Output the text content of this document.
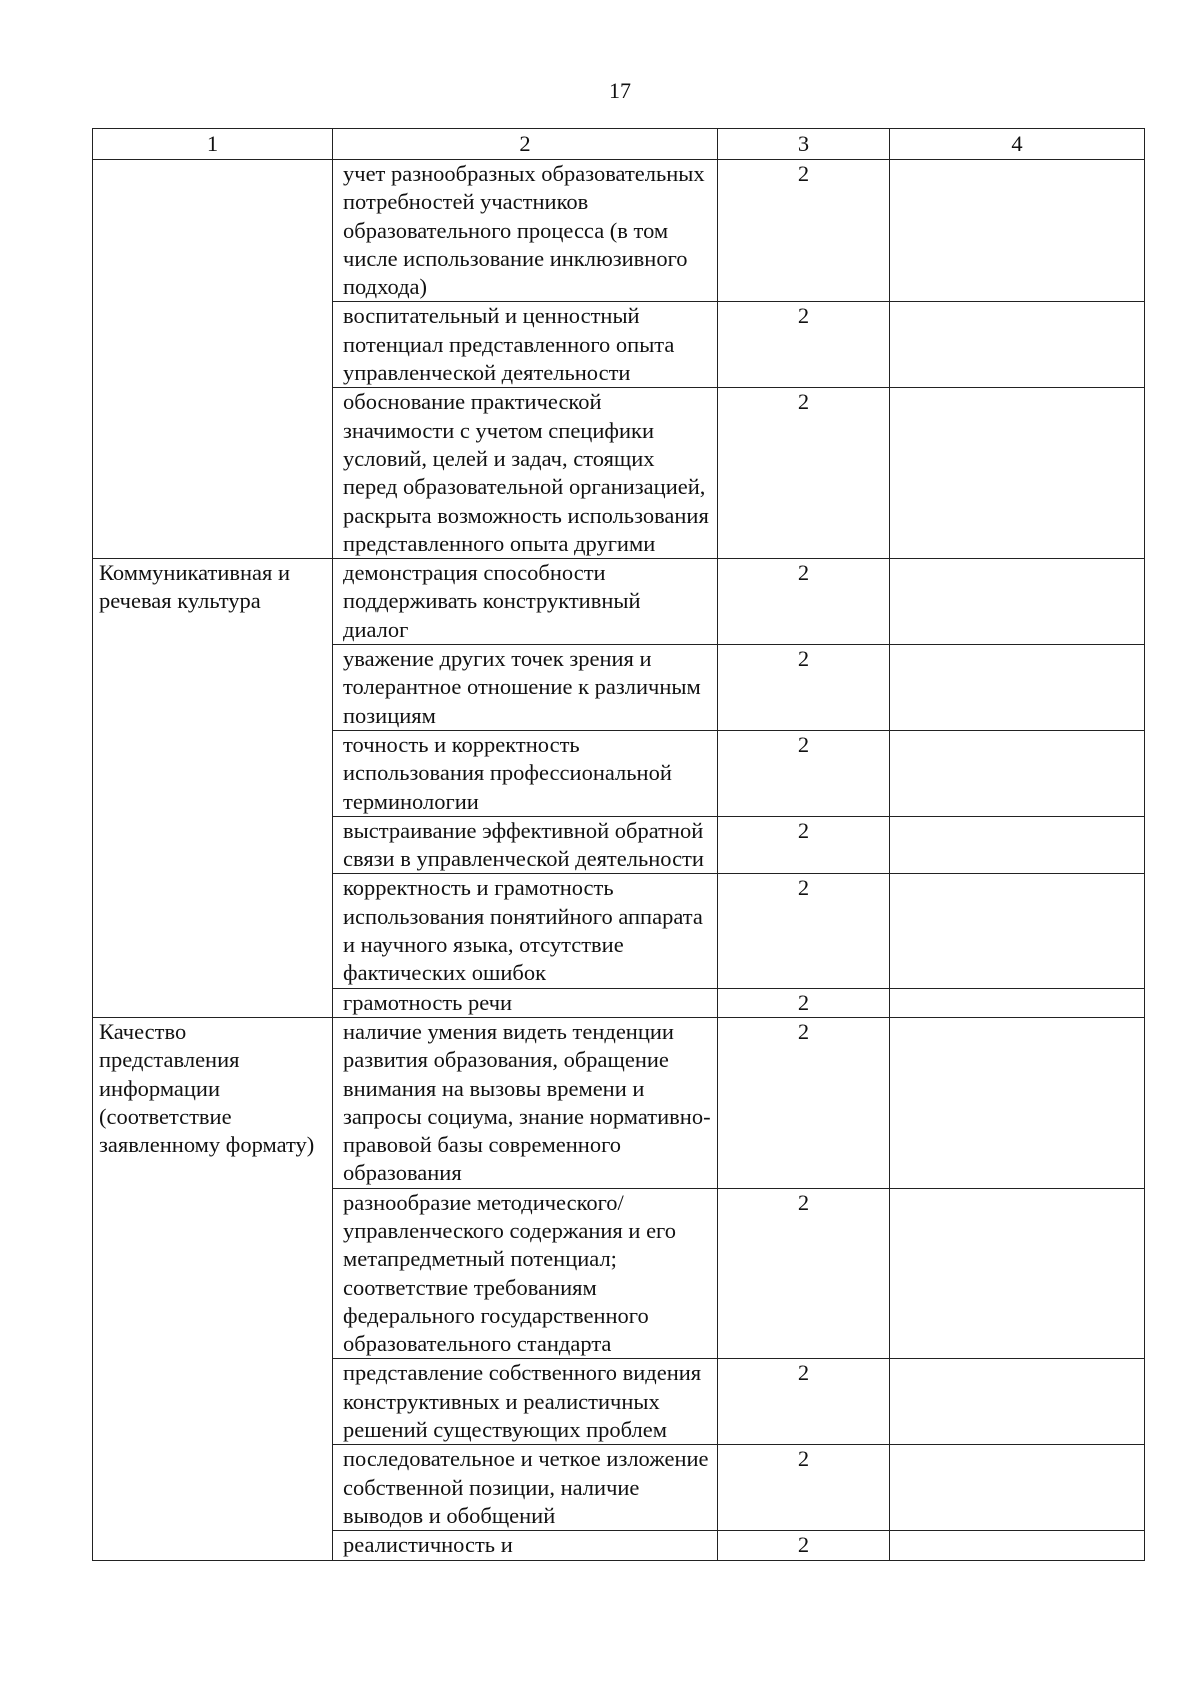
17
1	2	3	4
	учет разнообразных образовательных потребностей участников образовательного процесса (в том числе использование инклюзивного подхода)	2	
	воспитательный и ценностный потенциал представленного опыта управленческой деятельности	2	
	обоснование практической значимости с учетом специфики условий, целей и задач, стоящих перед образовательной организацией, раскрыта возможность использования представленного опыта другими	2	
Коммуникативная и речевая культура	демонстрация способности поддерживать конструктивный диалог	2	
	уважение других точек зрения и толерантное отношение к различным позициям	2	
	точность и корректность использования профессиональной терминологии	2	
	выстраивание эффективной обратной связи в управленческой деятельности	2	
	корректность и грамотность использования понятийного аппарата и научного языка, отсутствие фактических ошибок	2	
	грамотность речи	2	
Качество представления информации (соответствие заявленному формату)	наличие умения видеть тенденции развития образования, обращение внимания на вызовы времени и запросы социума, знание нормативно-правовой базы современного образования	2	
	разнообразие методического/ управленческого содержания и его метапредметный потенциал; соответствие требованиям федерального государственного образовательного стандарта	2	
	представление собственного видения конструктивных и реалистичных решений существующих проблем	2	
	последовательное и четкое изложение собственной позиции, наличие выводов и обобщений	2	
	реалистичность и	2	
